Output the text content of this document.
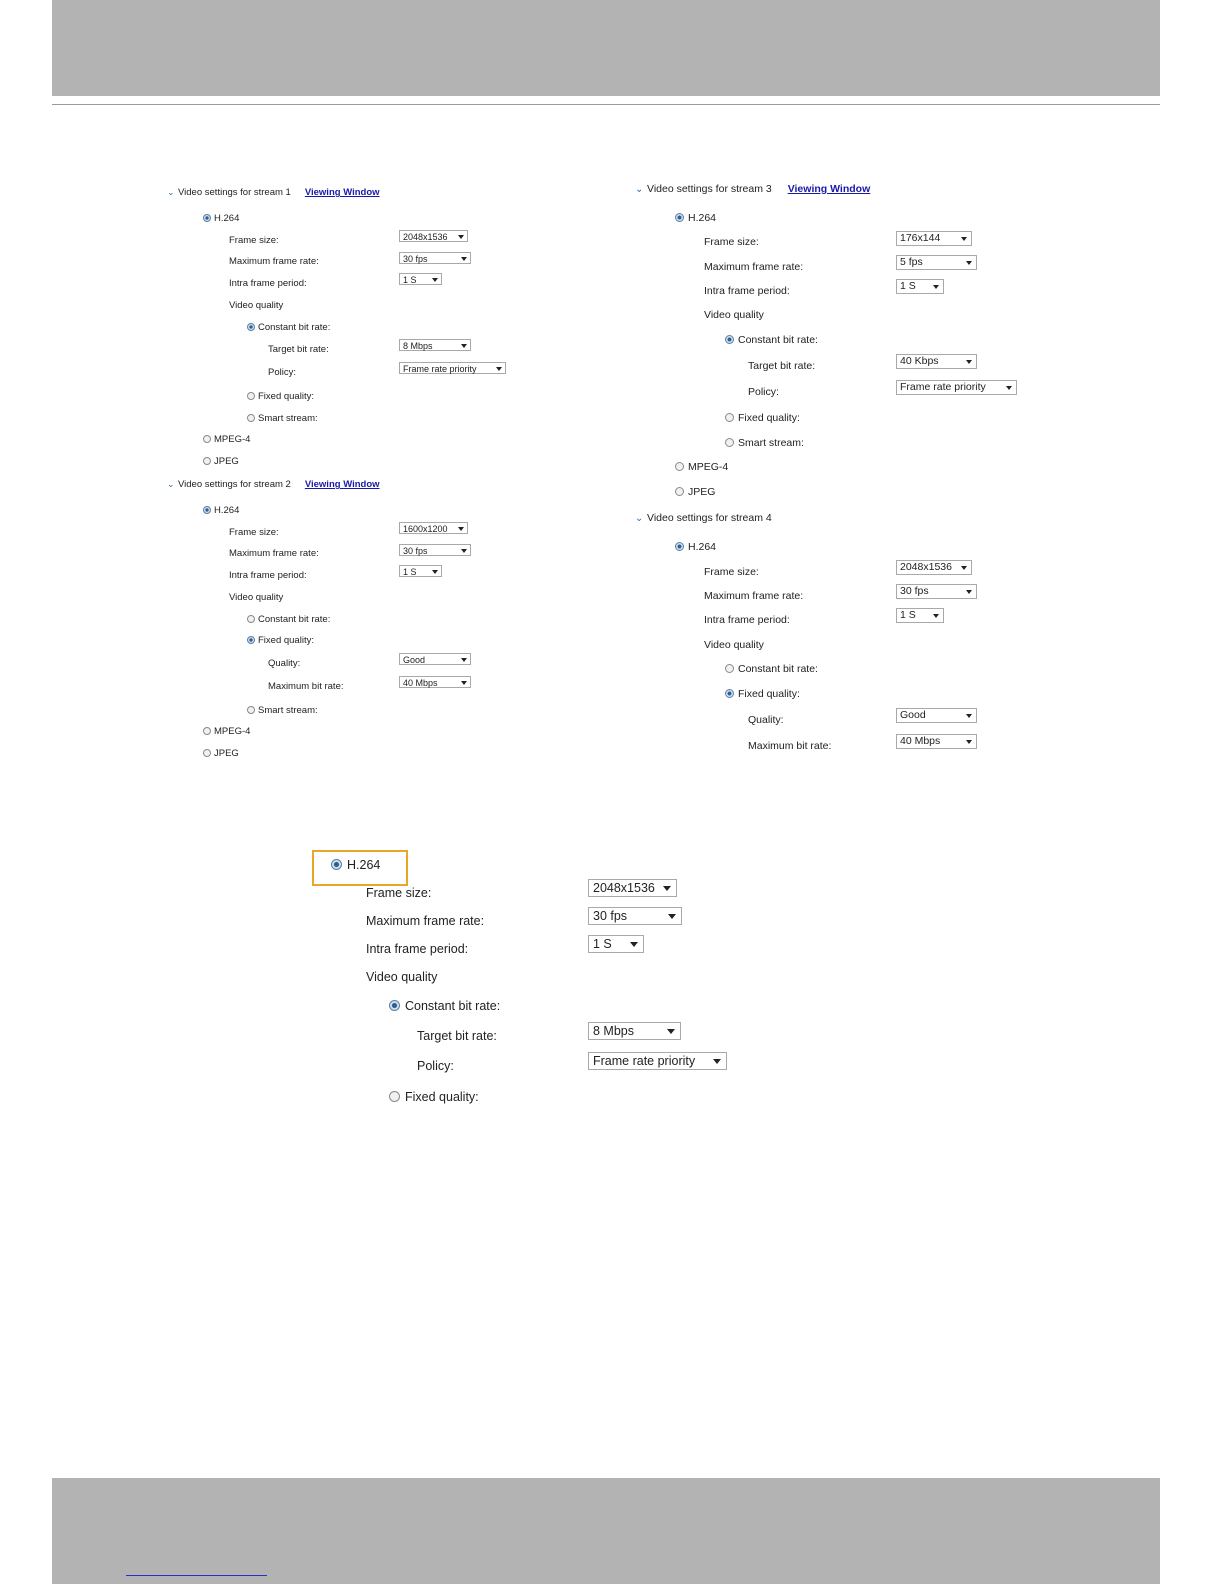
⌄ Video settings for stream 1 Viewing Window
H.264
Frame size:	2048x1536
Maximum frame rate:	30 fps
Intra frame period:	1 S
Video quality
Constant bit rate:
Target bit rate:	8 Mbps
Policy:	Frame rate priority
Fixed quality:
Smart stream:
MPEG-4
JPEG
⌄ Video settings for stream 2 Viewing Window
H.264
Frame size:	1600x1200
Maximum frame rate:	30 fps
Intra frame period:	1 S
Video quality
Constant bit rate:
Fixed quality:
Quality:	Good
Maximum bit rate:	40 Mbps
Smart stream:
MPEG-4
JPEG
⌄ Video settings for stream 3 Viewing Window
H.264
Frame size:	176x144
Maximum frame rate:	5 fps
Intra frame period:	1 S
Video quality
Constant bit rate:
Target bit rate:	40 Kbps
Policy:	Frame rate priority
Fixed quality:
Smart stream:
MPEG-4
JPEG
⌄ Video settings for stream 4
H.264
Frame size:	2048x1536
Maximum frame rate:	30 fps
Intra frame period:	1 S
Video quality
Constant bit rate:
Fixed quality:
Quality:	Good
Maximum bit rate:	40 Mbps
H.264
Frame size:	2048x1536
Maximum frame rate:	30 fps
Intra frame period:	1 S
Video quality
Constant bit rate:
Target bit rate:	8 Mbps
Policy:	Frame rate priority
Fixed quality:
